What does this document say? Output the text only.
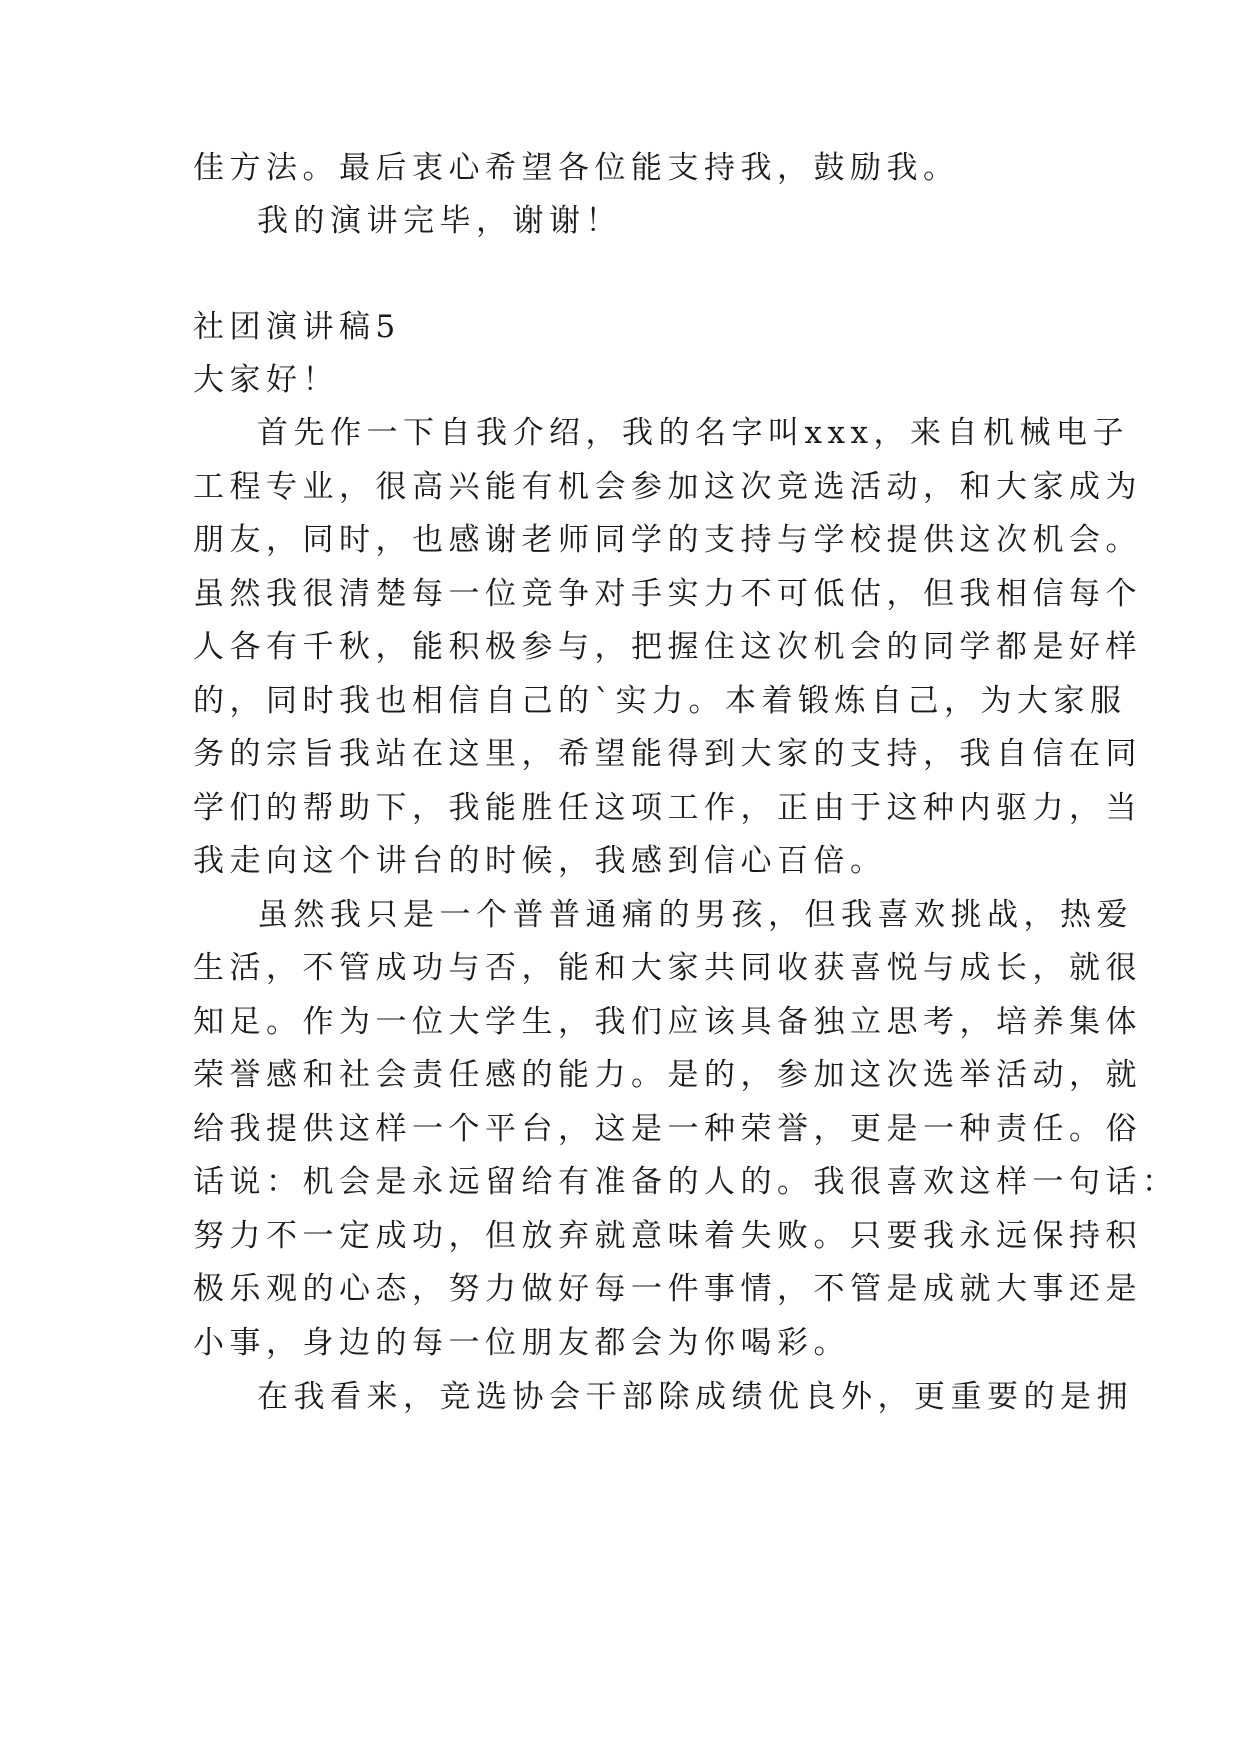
佳方法。最后衷心希望各位能支持我，鼓励我。
我的演讲完毕，谢谢！
社团演讲稿5
大家好！
首先作一下自我介绍，我的名字叫xxx，来自机械电子
工程专业，很高兴能有机会参加这次竞选活动，和大家成为
朋友，同时，也感谢老师同学的支持与学校提供这次机会。
虽然我很清楚每一位竞争对手实力不可低估，但我相信每个
人各有千秋，能积极参与，把握住这次机会的同学都是好样
的，同时我也相信自己的`实力。本着锻炼自己，为大家服
务的宗旨我站在这里，希望能得到大家的支持，我自信在同
学们的帮助下，我能胜任这项工作，正由于这种内驱力，当
我走向这个讲台的时候，我感到信心百倍。
虽然我只是一个普普通痛的男孩，但我喜欢挑战，热爱
生活，不管成功与否，能和大家共同收获喜悦与成长，就很
知足。作为一位大学生，我们应该具备独立思考，培养集体
荣誉感和社会责任感的能力。是的，参加这次选举活动，就
给我提供这样一个平台，这是一种荣誉，更是一种责任。俗
话说：机会是永远留给有准备的人的。我很喜欢这样一句话：
努力不一定成功，但放弃就意味着失败。只要我永远保持积
极乐观的心态，努力做好每一件事情，不管是成就大事还是
小事，身边的每一位朋友都会为你喝彩。
在我看来，竞选协会干部除成绩优良外，更重要的是拥
